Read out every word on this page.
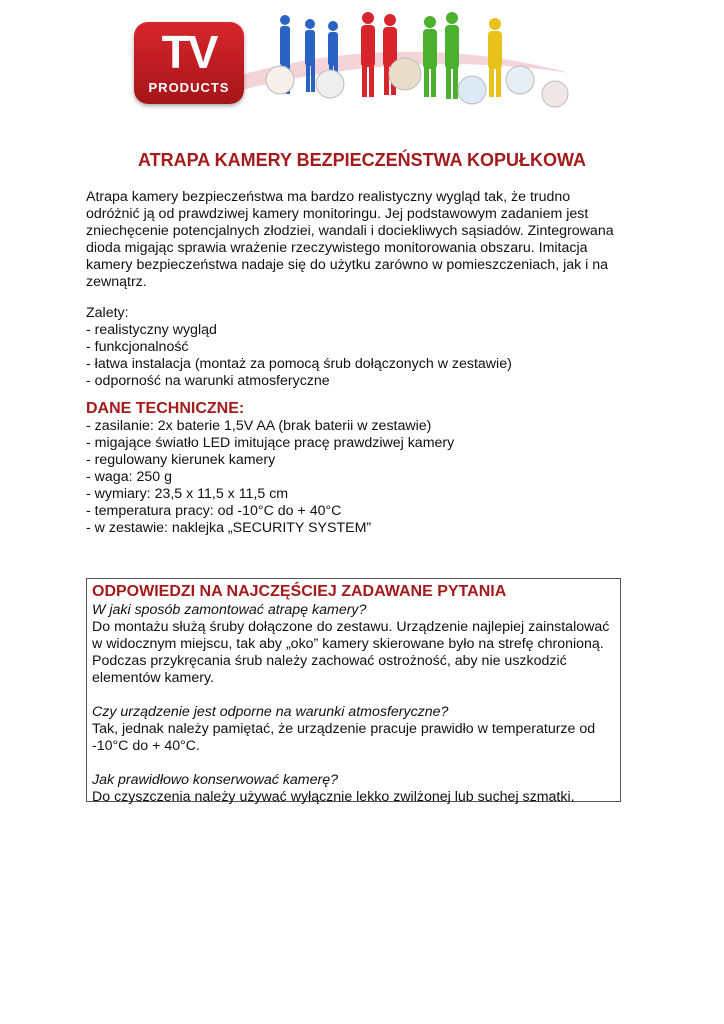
TV
PRODUCTS
ATRAPA KAMERY BEZPIECZEŃSTWA KOPUŁKOWA

Atrapa kamery bezpieczeństwa ma bardzo realistyczny wygląd tak, że trudno

odróżnić ją od prawdziwej kamery monitoringu. Jej podstawowym zadaniem jest

zniechęcenie potencjalnych złodziei, wandali i dociekliwych sąsiadów. Zintegrowana

dioda migając sprawia wrażenie rzeczywistego monitorowania obszaru. Imitacja

kamery bezpieczeństwa nadaje się do użytku zarówno w pomieszczeniach, jak i na

zewnątrz.

Zalety:
- realistyczny wygląd
- funkcjonalność
- łatwa instalacja (montaż za pomocą śrub dołączonych w zestawie)
- odporność na warunki atmosferyczne
DANE TECHNICZNE:
- zasilanie: 2x baterie 1,5V AA (brak baterii w zestawie)
- migające światło LED imitujące pracę prawdziwej kamery
- regulowany kierunek kamery
- waga: 250 g
- wymiary: 23,5 x 11,5 x 11,5 cm
- temperatura pracy: od -10°C do + 40°C
- w zestawie: naklejka „SECURITY SYSTEM”

ODPOWIEDZI NA NAJCZĘŚCIEJ ZADAWANE PYTANIA

W jaki sposób zamontować atrapę kamery?

Do montażu służą śruby dołączone do zestawu. Urządzenie najlepiej zainstalować
w widocznym miejscu, tak aby „oko” kamery skierowane było na strefę chronioną.
Podczas przykręcania śrub należy zachować ostrożność, aby nie uszkodzić
elementów kamery.

Czy urządzenie jest odporne na warunki atmosferyczne?

Tak, jednak należy pamiętać, że urządzenie pracuje prawidło w temperaturze od
-10°C do + 40°C.

Jak prawidłowo konserwować kamerę?

Do czyszczenia należy używać wyłącznie lekko zwilżonej lub suchej szmatki.
